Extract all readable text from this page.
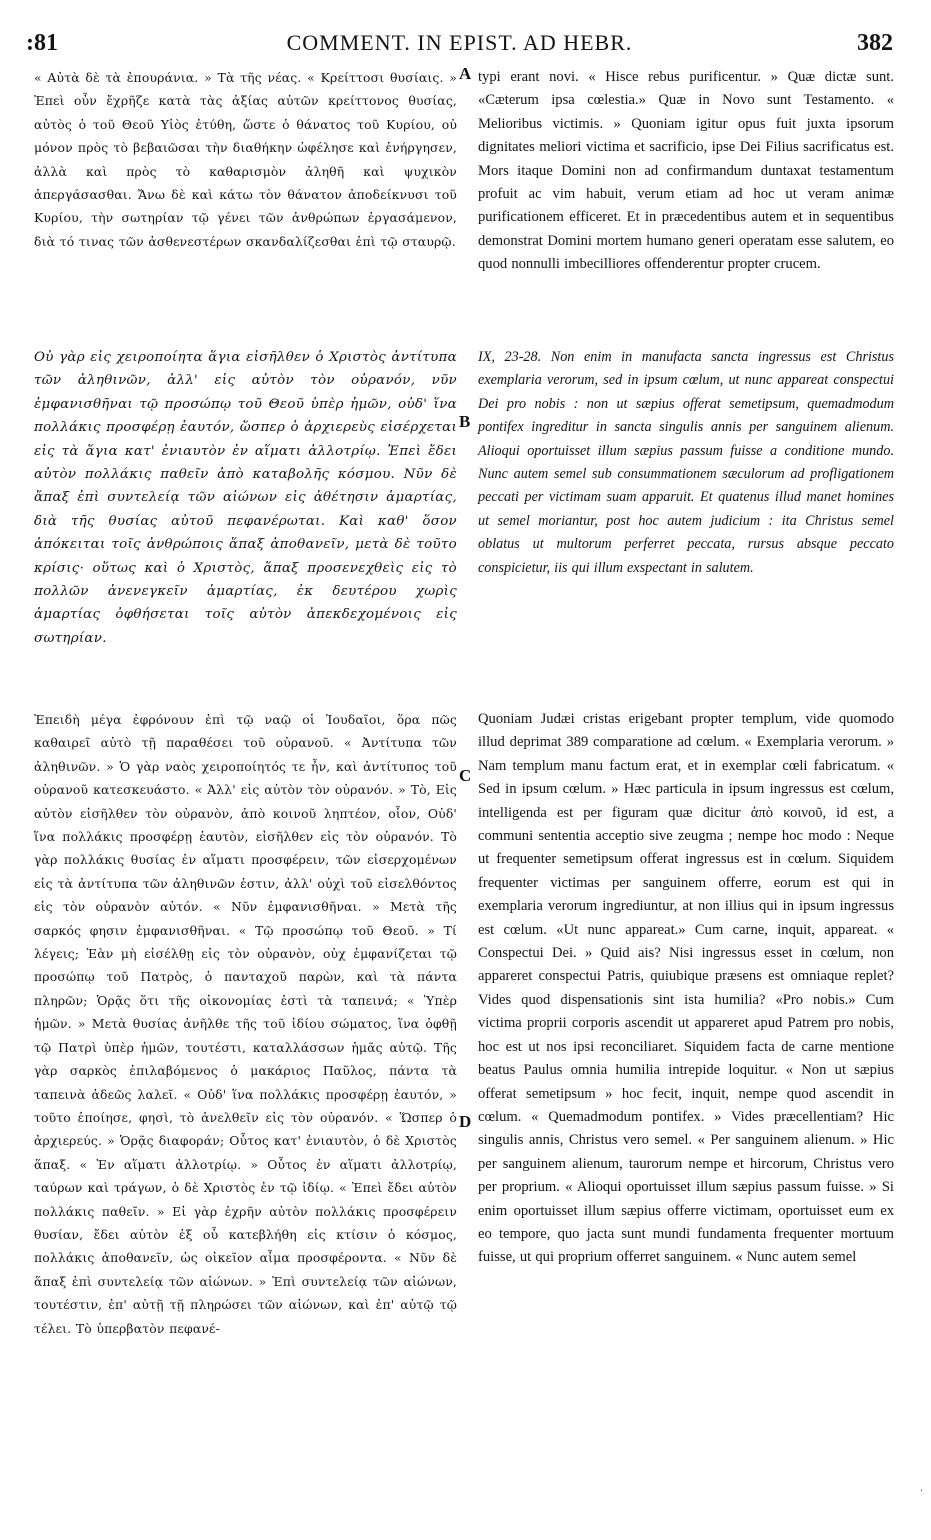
:81	COMMENT. IN EPIST. AD HEBR.	382

« Αὐτὰ δὲ τὰ ἐπουράνια. » Τὰ τῆς νέας. « Κρείττοσι θυσίαις. » Ἐπεὶ οὖν ἔχρῆζε κατὰ τὰς ἀξίας αὐτῶν κρείττονος θυσίας, αὐτὸς ὁ τοῦ Θεοῦ Υἱὸς ἐτύθη, ὥστε ὁ θάνατος τοῦ Κυρίου, οὐ μόνον πρὸς τὸ βεβαιῶσαι τὴν διαθήκην ὠφέλησε καὶ ἐνήργησεν, ἀλλὰ καὶ πρὸς τὸ καθαρισμὸν ἀληθῆ καὶ ψυχικὸν ἀπεργάσασθαι. Ἄνω δὲ καὶ κάτω τὸν θάνατον ἀποδείκνυσι τοῦ Κυρίου, τὴν σωτηρίαν τῷ γένει τῶν ἀνθρώπων ἐργασάμενον, διὰ τό τινας τῶν ἀσθενεστέρων σκανδαλίζεσθαι ἐπὶ τῷ σταυρῷ.

Οὐ γὰρ εἰς χειροποίητα ἅγια εἰσῆλθεν ὁ Χριστὸς ἀντίτυπα τῶν ἀληθινῶν, ἀλλ' εἰς αὐτὸν τὸν οὐρανόν, νῦν ἐμφανισθῆναι τῷ προσώπῳ τοῦ Θεοῦ ὑπὲρ ἡμῶν, οὐδ' ἵνα πολλάκις προσφέρῃ ἑαυτόν, ὥσπερ ὁ ἀρχιερεὺς εἰσέρχεται εἰς τὰ ἅγια κατ' ἐνιαυτὸν ἐν αἵματι ἀλλοτρίῳ. Ἐπεὶ ἔδει αὐτὸν πολλάκις παθεῖν ἀπὸ καταβολῆς κόσμου. Νῦν δὲ ἅπαξ ἐπὶ συντελείᾳ τῶν αἰώνων εἰς ἀθέτησιν ἁμαρτίας, διὰ τῆς θυσίας αὐτοῦ πεφανέρωται. Καὶ καθ' ὅσον ἀπόκειται τοῖς ἀνθρώποις ἅπαξ ἀποθανεῖν, μετὰ δὲ τοῦτο κρίσις· οὕτως καὶ ὁ Χριστὸς, ἅπαξ προσενεχθεὶς εἰς τὸ πολλῶν ἀνενεγκεῖν ἁμαρτίας, ἐκ δευτέρου χωρὶς ἁμαρτίας ὀφθήσεται τοῖς αὐτὸν ἀπεκδεχομένοις εἰς σωτηρίαν.

Ἐπειδὴ μέγα ἐφρόνουν ἐπὶ τῷ ναῷ οἱ Ἰουδαῖοι, ὅρα πῶς καθαιρεῖ αὐτὸ τῇ παραθέσει τοῦ οὐρανοῦ. « Ἀντίτυπα τῶν ἀληθινῶν. » Ὁ γὰρ ναὸς χειροποίητός τε ἦν, καὶ ἀντίτυπος τοῦ οὐρανοῦ κατεσκευάστο. « Ἀλλ' εἰς αὐτὸν τὸν οὐρανόν. » Τὸ, Εἰς αὐτὸν εἰσῆλθεν τὸν οὐρανὸν, ἀπὸ κοινοῦ ληπτέον, οἷον, Οὐδ' ἵνα πολλάκις προσφέρῃ ἑαυτὸν, εἰσῆλθεν εἰς τὸν οὐρανόν. Τὸ γὰρ πολλάκις θυσίας ἐν αἵματι προσφέρειν, τῶν εἰσερχομένων εἰς τὰ ἀντίτυπα τῶν ἀληθινῶν ἐστιν, ἀλλ' οὐχὶ τοῦ εἰσελθόντος εἰς τὸν οὐρανὸν αὐτόν. « Νῦν ἐμφανισθῆναι. » Μετὰ τῆς σαρκός φησιν ἐμφανισθῆναι. « Τῷ προσώπῳ τοῦ Θεοῦ. » Τί λέγεις; Ἐὰν μὴ εἰσέλθῃ εἰς τὸν οὐρανὸν, οὐχ ἐμφανίζεται τῷ προσώπῳ τοῦ Πατρὸς, ὁ πανταχοῦ παρὼν, καὶ τὰ πάντα πληρῶν; Ὁρᾷς ὅτι τῆς οἰκονομίας ἐστὶ τὰ ταπεινά; « Ὑπὲρ ἡμῶν. » Μετὰ θυσίας ἀνῆλθε τῆς τοῦ ἰδίου σώματος, ἵνα ὀφθῇ τῷ Πατρὶ ὑπὲρ ἡμῶν, τουτέστι, καταλλάσσων ἡμᾶς αὐτῷ. Τῆς γὰρ σαρκὸς ἐπιλαβόμενος ὁ μακάριος Παῦλος, πάντα τὰ ταπεινὰ ἀδεῶς λαλεῖ. « Οὐδ' ἵνα πολλάκις προσφέρῃ ἑαυτόν, » τοῦτο ἐποίησε, φησὶ, τὸ ἀνελθεῖν εἰς τὸν οὐρανόν. « Ὥσπερ ὁ ἀρχιερεύς. » Ὁρᾷς διαφοράν; Οὗτος κατ' ἐνιαυτὸν, ὁ δὲ Χριστὸς ἅπαξ. « Ἐν αἵματι ἀλλοτρίῳ. » Οὗτος ἐν αἵματι ἀλλοτρίῳ, ταύρων καὶ τράγων, ὁ δὲ Χριστὸς ἐν τῷ ἰδίῳ. « Ἐπεὶ ἔδει αὐτὸν πολλάκις παθεῖν. » Εἰ γὰρ ἐχρῆν αὐτὸν πολλάκις προσφέρειν θυσίαν, ἔδει αὐτὸν ἐξ οὗ κατεβλήθη εἰς κτίσιν ὁ κόσμος, πολλάκις ἀποθανεῖν, ὡς οἰκεῖον αἷμα προσφέροντα. « Νῦν δὲ ἅπαξ ἐπὶ συντελείᾳ τῶν αἰώνων. » Ἐπὶ συντελείᾳ τῶν αἰώνων, τουτέστιν, ἐπ' αὐτῇ τῇ πληρώσει τῶν αἰώνων, καὶ ἐπ' αὐτῷ τῷ τέλει. Τὸ ὑπερβατὸν πεφανέ-

typi erant novi. « Hisce rebus purificentur. » Quæ dictæ sunt. «Cæterum ipsa cœlestia.» Quæ in Novo sunt Testamento. « Melioribus victimis. » Quoniam igitur opus fuit juxta ipsorum dignitates meliori victima et sacrificio, ipse Dei Filius sacrificatus est. Mors itaque Domini non ad confirmandum duntaxat testamentum profuit ac vim habuit, verum etiam ad hoc ut veram animæ purificationem efficeret. Et in præcedentibus autem et in sequentibus demonstrat Domini mortem humano generi operatam esse salutem, eo quod nonnulli imbecilliores offenderentur propter crucem.

IX, 23-28. Non enim in manufacta sancta ingressus est Christus exemplaria verorum, sed in ipsum cœlum, ut nunc appareat conspectui Dei pro nobis : non ut sæpius offerat semetipsum, quemadmodum pontifex ingreditur in sancta singulis annis per sanguinem alienum. Alioqui oportuisset illum sæpius passum fuisse a conditione mundo. Nunc autem semel sub consummationem sæculorum ad profligationem peccati per victimam suam apparuit. Et quatenus illud manet homines ut semel moriantur, post hoc autem judicium : ita Christus semel oblatus ut multorum perferret peccata, rursus absque peccato conspicietur, iis qui illum exspectant in salutem.

Quoniam Judæi cristas erigebant propter templum, vide quomodo illud deprimat 389 comparatione ad cœlum. « Exemplaria verorum. » Nam templum manu factum erat, et in exemplar cœli fabricatum. « Sed in ipsum cœlum. » Hæc particula in ipsum ingressus est cœlum, intelligenda est per figuram quæ dicitur ἀπὸ κοινοῦ, id est, a communi sententia acceptio sive zeugma ; nempe hoc modo : Neque ut frequenter semetipsum offerat ingressus est in cœlum. Siquidem frequenter victimas per sanguinem offerre, eorum est qui in exemplaria verorum ingrediuntur, at non illius qui in ipsum ingressus est cœlum. «Ut nunc appareat.» Cum carne, inquit, appareat. « Conspectui Dei. » Quid ais? Nisi ingressus esset in cœlum, non appareret conspectui Patris, quiubique præsens est omniaque replet? Vides quod dispensationis sint ista humilia? «Pro nobis.» Cum victima proprii corporis ascendit ut appareret apud Patrem pro nobis, hoc est ut nos ipsi reconciliaret. Siquidem facta de carne mentione beatus Paulus omnia humilia intrepide loquitur. « Non ut sæpius offerat semetipsum » hoc fecit, inquit, nempe quod ascendit in cœlum. « Quemadmodum pontifex. » Vides præcellentiam? Hic singulis annis, Christus vero semel. « Per sanguinem alienum. » Hic per sanguinem alienum, taurorum nempe et hircorum, Christus vero per proprium. « Alioqui oportuisset illum sæpius passum fuisse. » Si enim oportuisset illum sæpius offerre victimam, oportuisset eum ex eo tempore, quo jacta sunt mundi fundamenta frequenter mortuum fuisse, ut qui proprium offerret sanguinem. « Nunc autem semel

A
B
C
D
ˈ
